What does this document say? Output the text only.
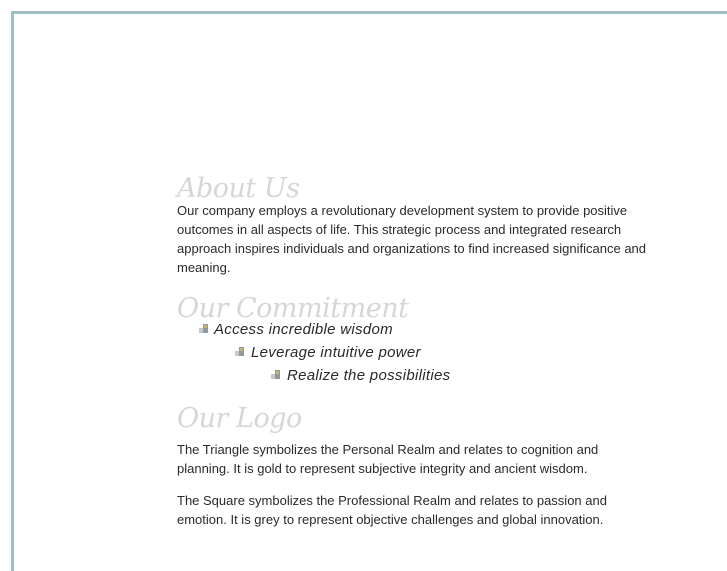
About Us

Our company employs a revolutionary development system to provide positive outcomes in all aspects of life. This strategic process and integrated research approach inspires individuals and organizations to find increased significance and meaning.

Our Commitment
Access incredible wisdom
Leverage intuitive power
Realize the possibilities
Our Logo

The Triangle symbolizes the Personal Realm and relates to cognition and planning. It is gold to represent subjective integrity and ancient wisdom.

The Square symbolizes the Professional Realm and relates to passion and emotion. It is grey to represent objective challenges and global innovation.
